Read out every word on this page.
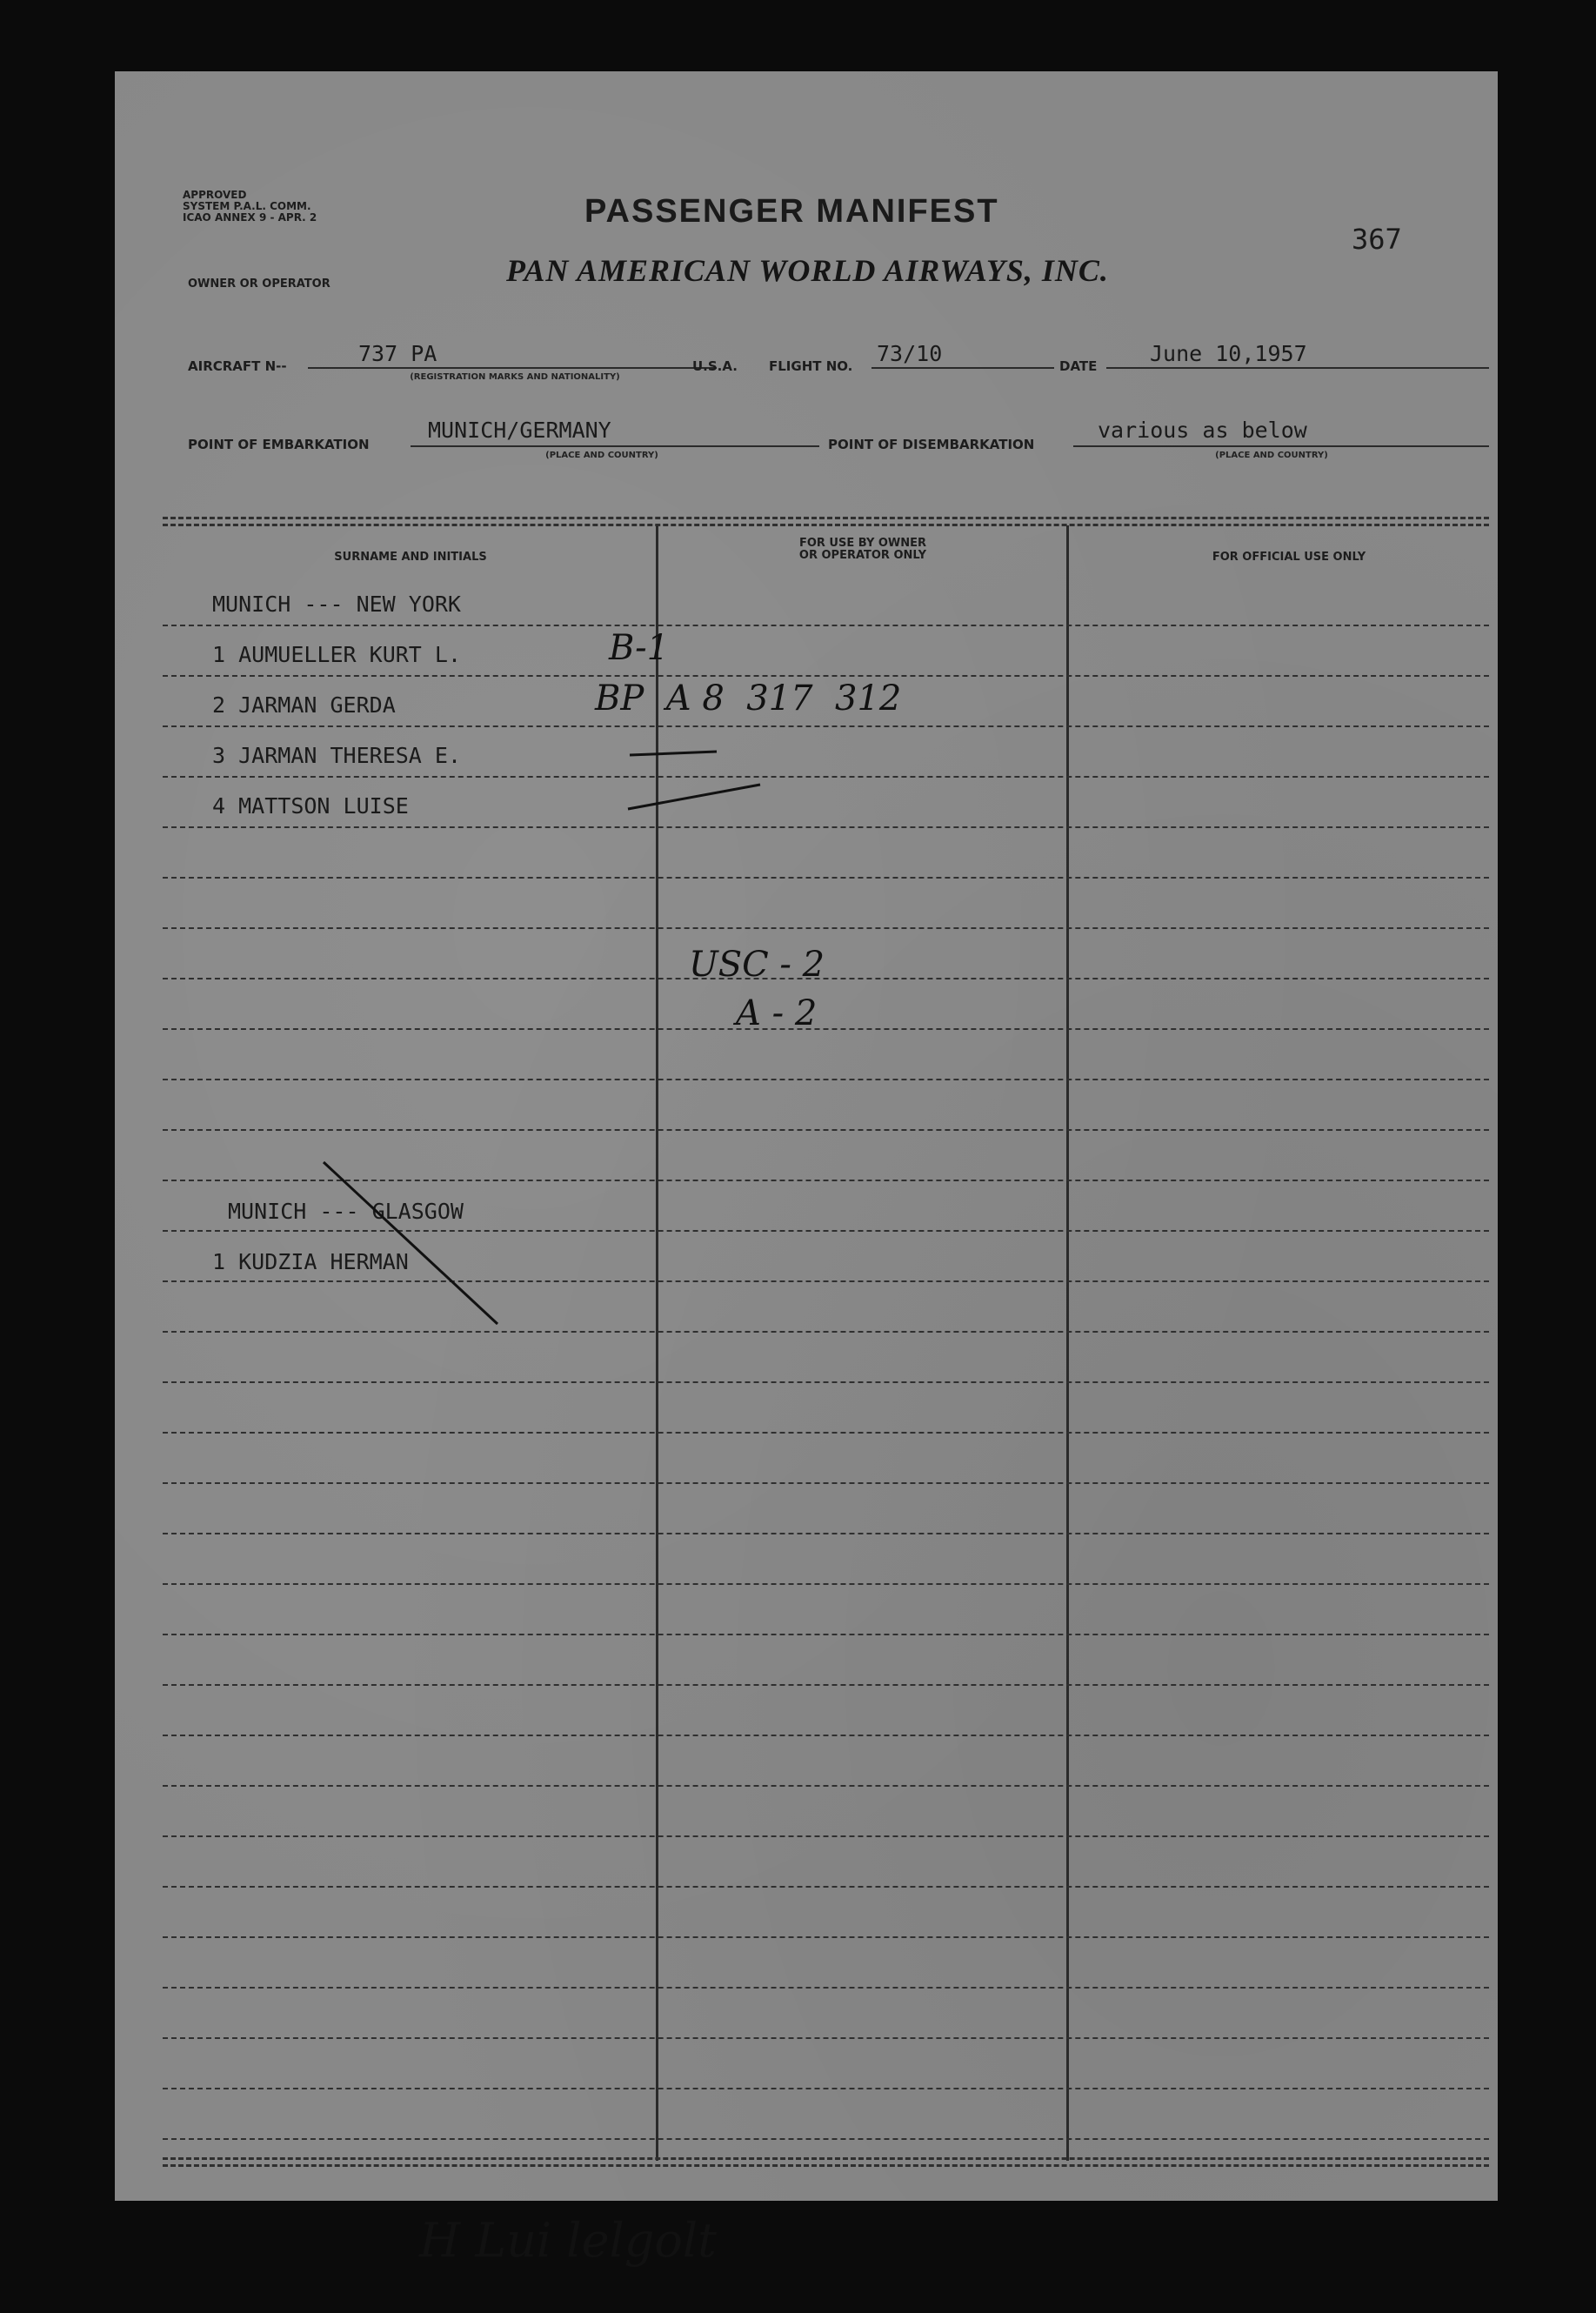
APPROVED
SYSTEM P.A.L. COMM.
ICAO ANNEX 9 - APR. 2	PASSENGER MANIFEST
367
OWNER OR OPERATOR	PAN AMERICAN WORLD AIRWAYS, INC.
AIRCRAFT N--	737 PA
(REGISTRATION MARKS AND NATIONALITY)
U.S.A. FLIGHT NO. 73/10	DATE June 10,1957
POINT OF EMBARKATION
MUNICH/GERMANY
(PLACE AND COUNTRY)
POINT OF DISEMBARKATION
various as below
(PLACE AND COUNTRY)
SURNAME AND INITIALS
FOR USE BY OWNER
OR OPERATOR ONLY	FOR OFFICIAL USE ONLY
MUNICH --- NEW YORK
1 AUMUELLER KURT L.	B-1
2 JARMAN GERDA	BP  A 8  317  312
3 JARMAN THERESA E.
4 MATTSON LUISE
USC - 2
A - 2
MUNICH --- GLASGOW
1 KUDZIA HERMAN
H Lui lelgolt
